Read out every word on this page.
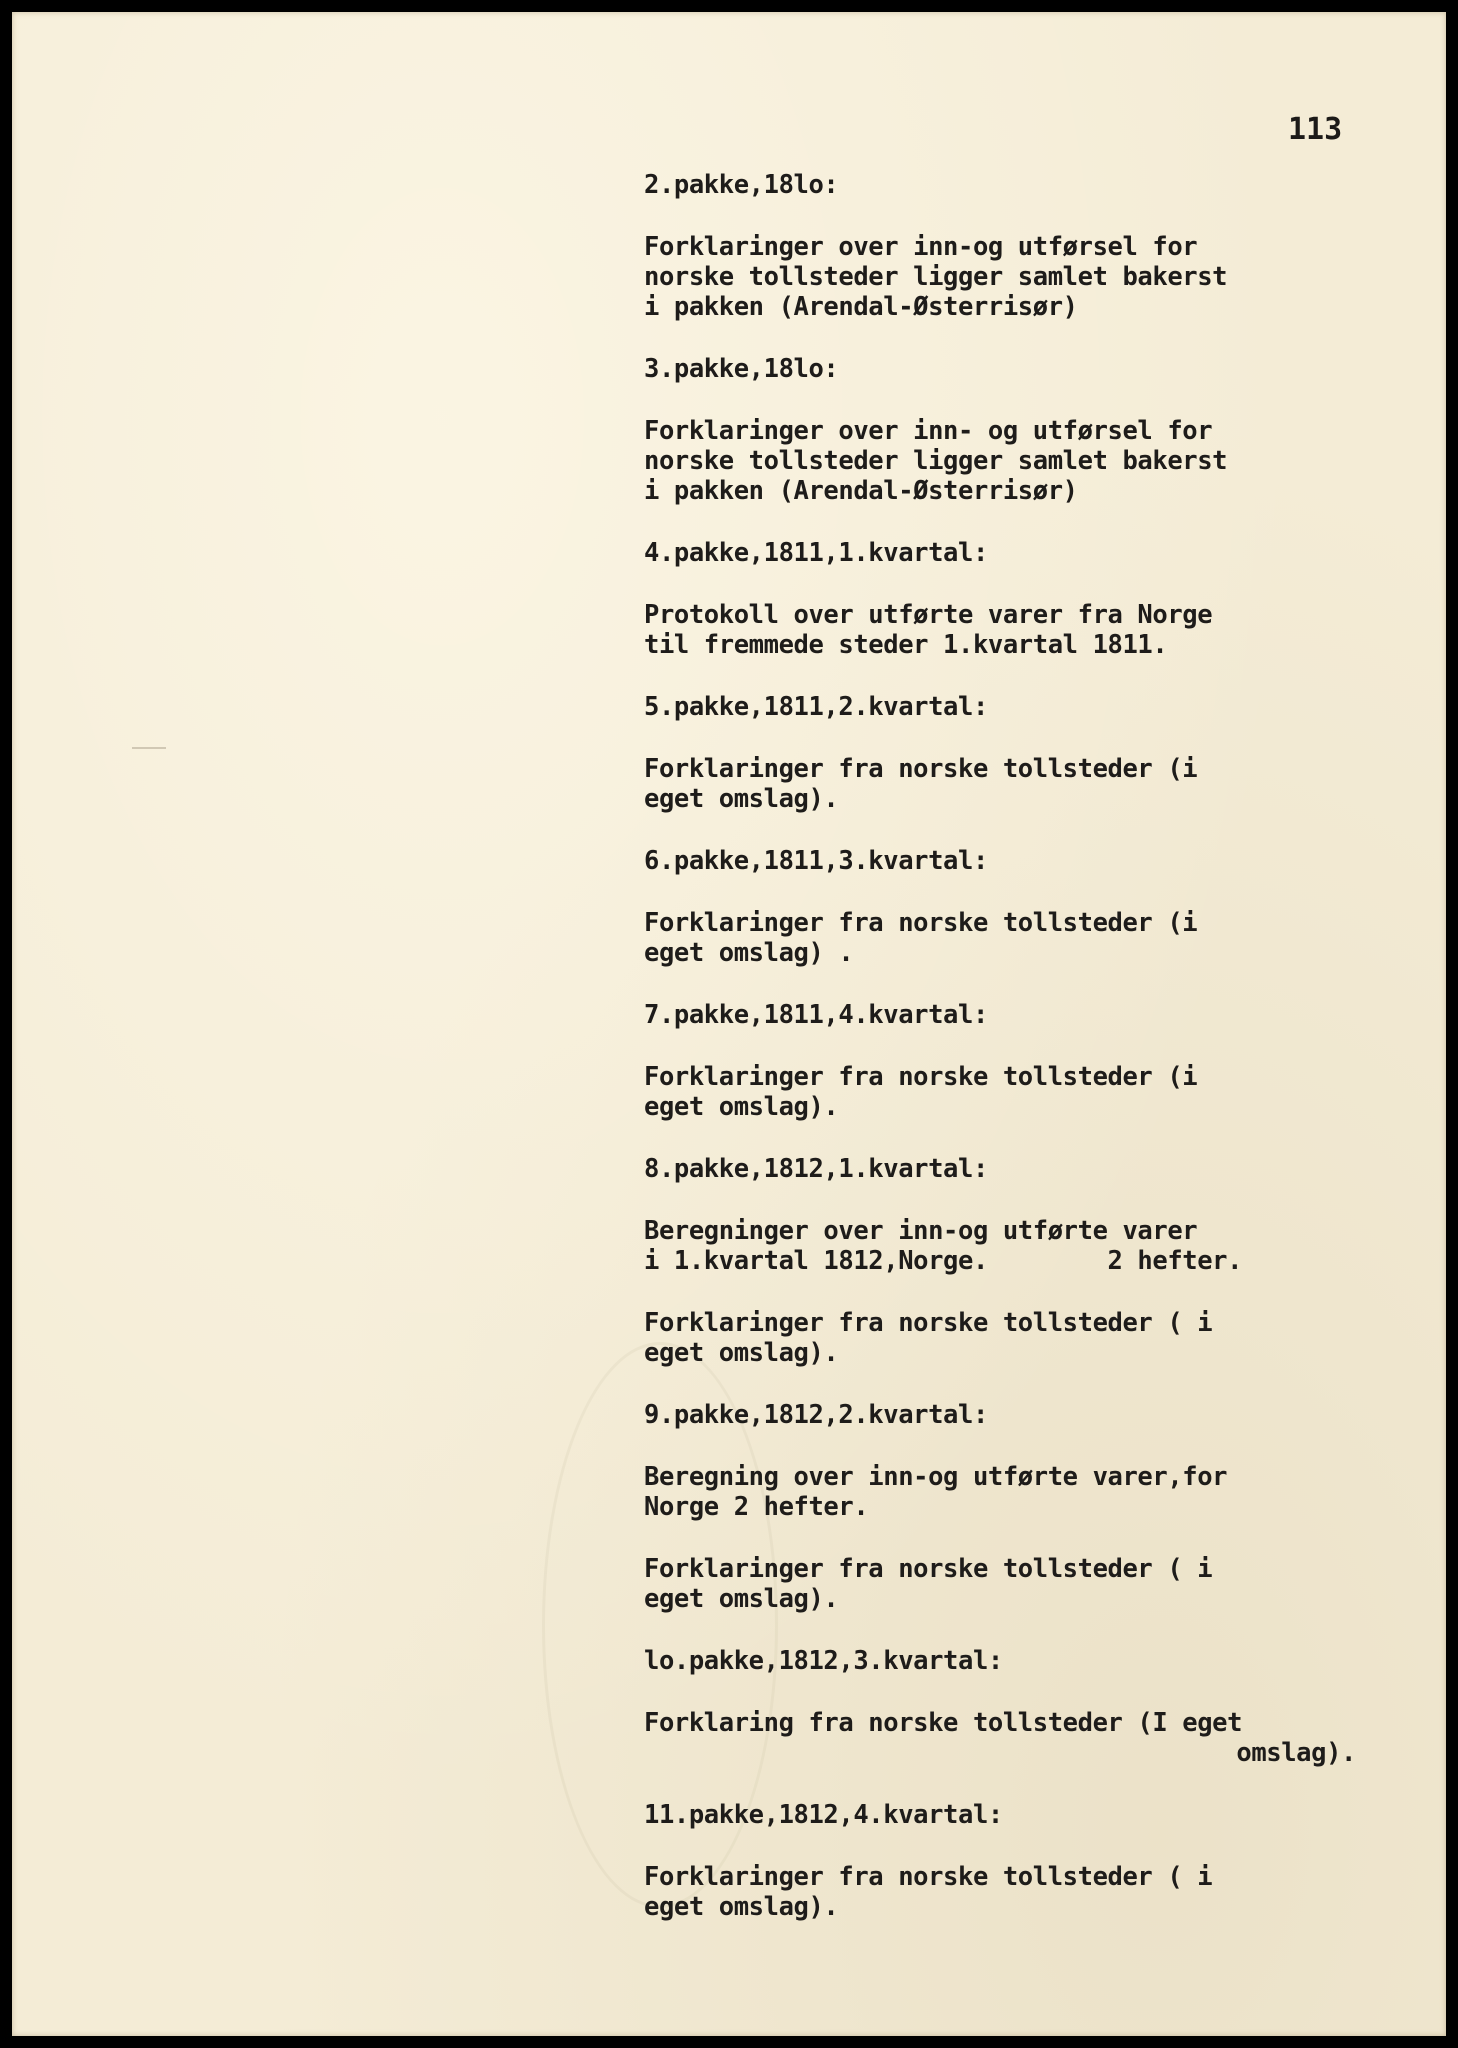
113
2.pakke,18lo:
Forklaringer over inn-og utførsel for
norske tollsteder ligger samlet bakerst
i pakken (Arendal-Østerrisør)
3.pakke,18lo:
Forklaringer over inn- og utførsel for
norske tollsteder ligger samlet bakerst
i pakken (Arendal-Østerrisør)
4.pakke,1811,1.kvartal:
Protokoll over utførte varer fra Norge
til fremmede steder 1.kvartal 1811.
5.pakke,1811,2.kvartal:
Forklaringer fra norske tollsteder (i
eget omslag).
6.pakke,1811,3.kvartal:
Forklaringer fra norske tollsteder (i
eget omslag) .
7.pakke,1811,4.kvartal:
Forklaringer fra norske tollsteder (i
eget omslag).
8.pakke,1812,1.kvartal:
Beregninger over inn-og utførte varer
i 1.kvartal 1812,Norge.        2 hefter.
Forklaringer fra norske tollsteder ( i
eget omslag).
9.pakke,1812,2.kvartal:
Beregning over inn-og utførte varer,for
Norge 2 hefter.
Forklaringer fra norske tollsteder ( i
eget omslag).
lo.pakke,1812,3.kvartal:
Forklaring fra norske tollsteder (I eget
omslag).
11.pakke,1812,4.kvartal:
Forklaringer fra norske tollsteder ( i
eget omslag).
